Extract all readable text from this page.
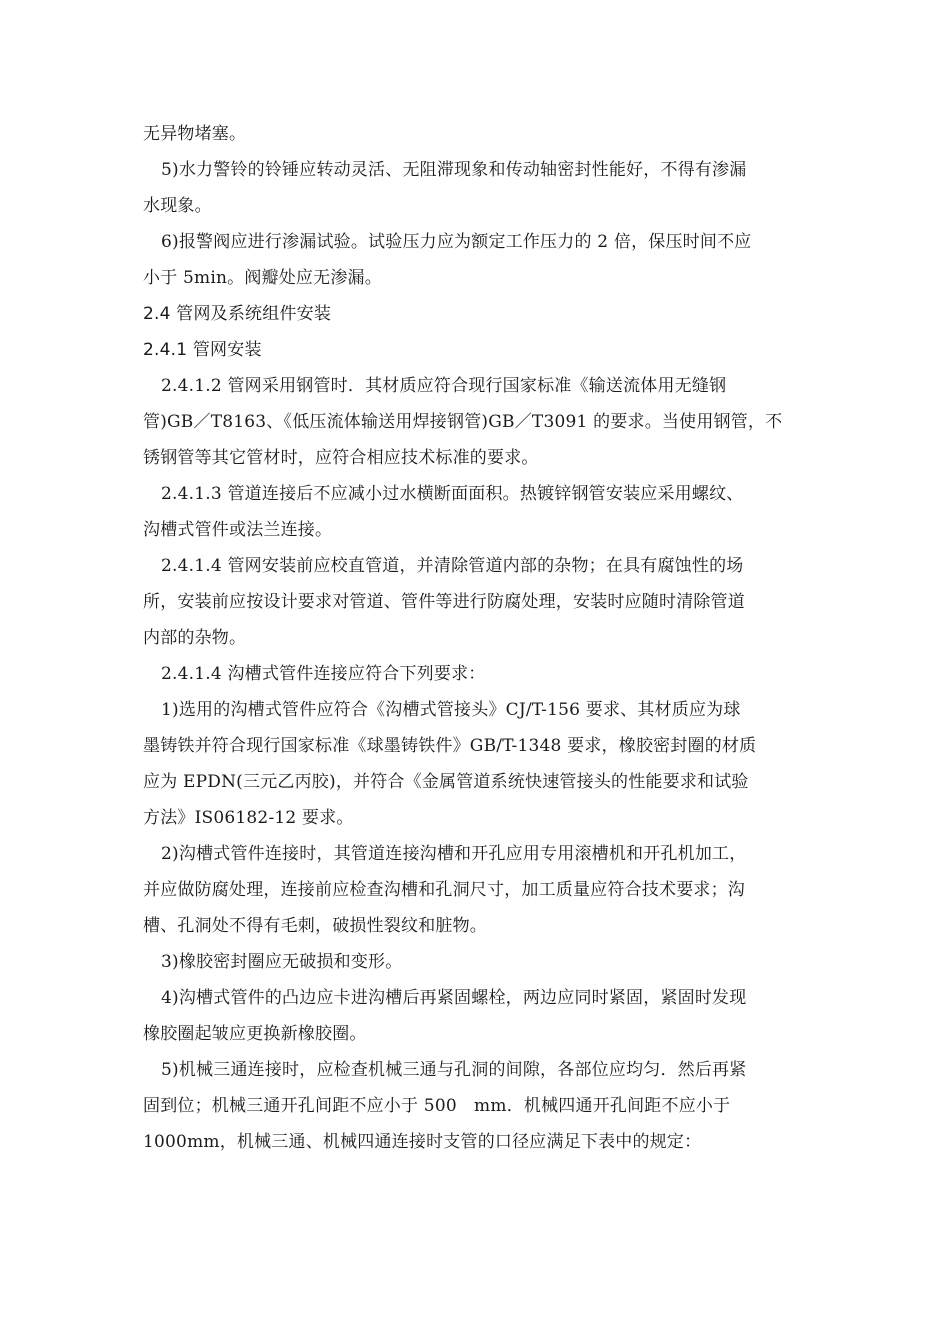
无异物堵塞。
5)水力警铃的铃锤应转动灵活、无阻滞现象和传动轴密封性能好，不得有渗漏
水现象。
6)报警阀应进行渗漏试验。试验压力应为额定工作压力的 2 倍，保压时间不应
小于 5min。阀瓣处应无渗漏。
2.4 管网及系统组件安装
2.4.1 管网安装
2.4.1.2 管网采用钢管时．其材质应符合现行国家标准《输送流体用无缝钢
管)GB／T8163、《低压流体输送用焊接钢管)GB／T3091 的要求。当使用钢管，不
锈钢管等其它管材时，应符合相应技术标准的要求。
2.4.1.3 管道连接后不应减小过水横断面面积。热镀锌钢管安装应采用螺纹、
沟槽式管件或法兰连接。
2.4.1.4 管网安装前应校直管道，并清除管道内部的杂物；在具有腐蚀性的场
所，安装前应按设计要求对管道、管件等进行防腐处理，安装时应随时清除管道
内部的杂物。
2.4.1.4 沟槽式管件连接应符合下列要求：
1)选用的沟槽式管件应符合《沟槽式管接头》CJ/T-156 要求、其材质应为球
墨铸铁并符合现行国家标准《球墨铸铁件》GB/T-1348 要求，橡胶密封圈的材质
应为 EPDN(三元乙丙胶)，并符合《金属管道系统快速管接头的性能要求和试验
方法》IS06182-12 要求。
2)沟槽式管件连接时，其管道连接沟槽和开孔应用专用滚槽机和开孔机加工，
并应做防腐处理，连接前应检查沟槽和孔洞尺寸，加工质量应符合技术要求；沟
槽、孔洞处不得有毛刺，破损性裂纹和脏物。
3)橡胶密封圈应无破损和变形。
4)沟槽式管件的凸边应卡进沟槽后再紧固螺栓，两边应同时紧固，紧固时发现
橡胶圈起皱应更换新橡胶圈。
5)机械三通连接时，应检查机械三通与孔洞的间隙，各部位应均匀．然后再紧
固到位；机械三通开孔间距不应小于 500　mm．机械四通开孔间距不应小于
1000mm，机械三通、机械四通连接时支管的口径应满足下表中的规定：
